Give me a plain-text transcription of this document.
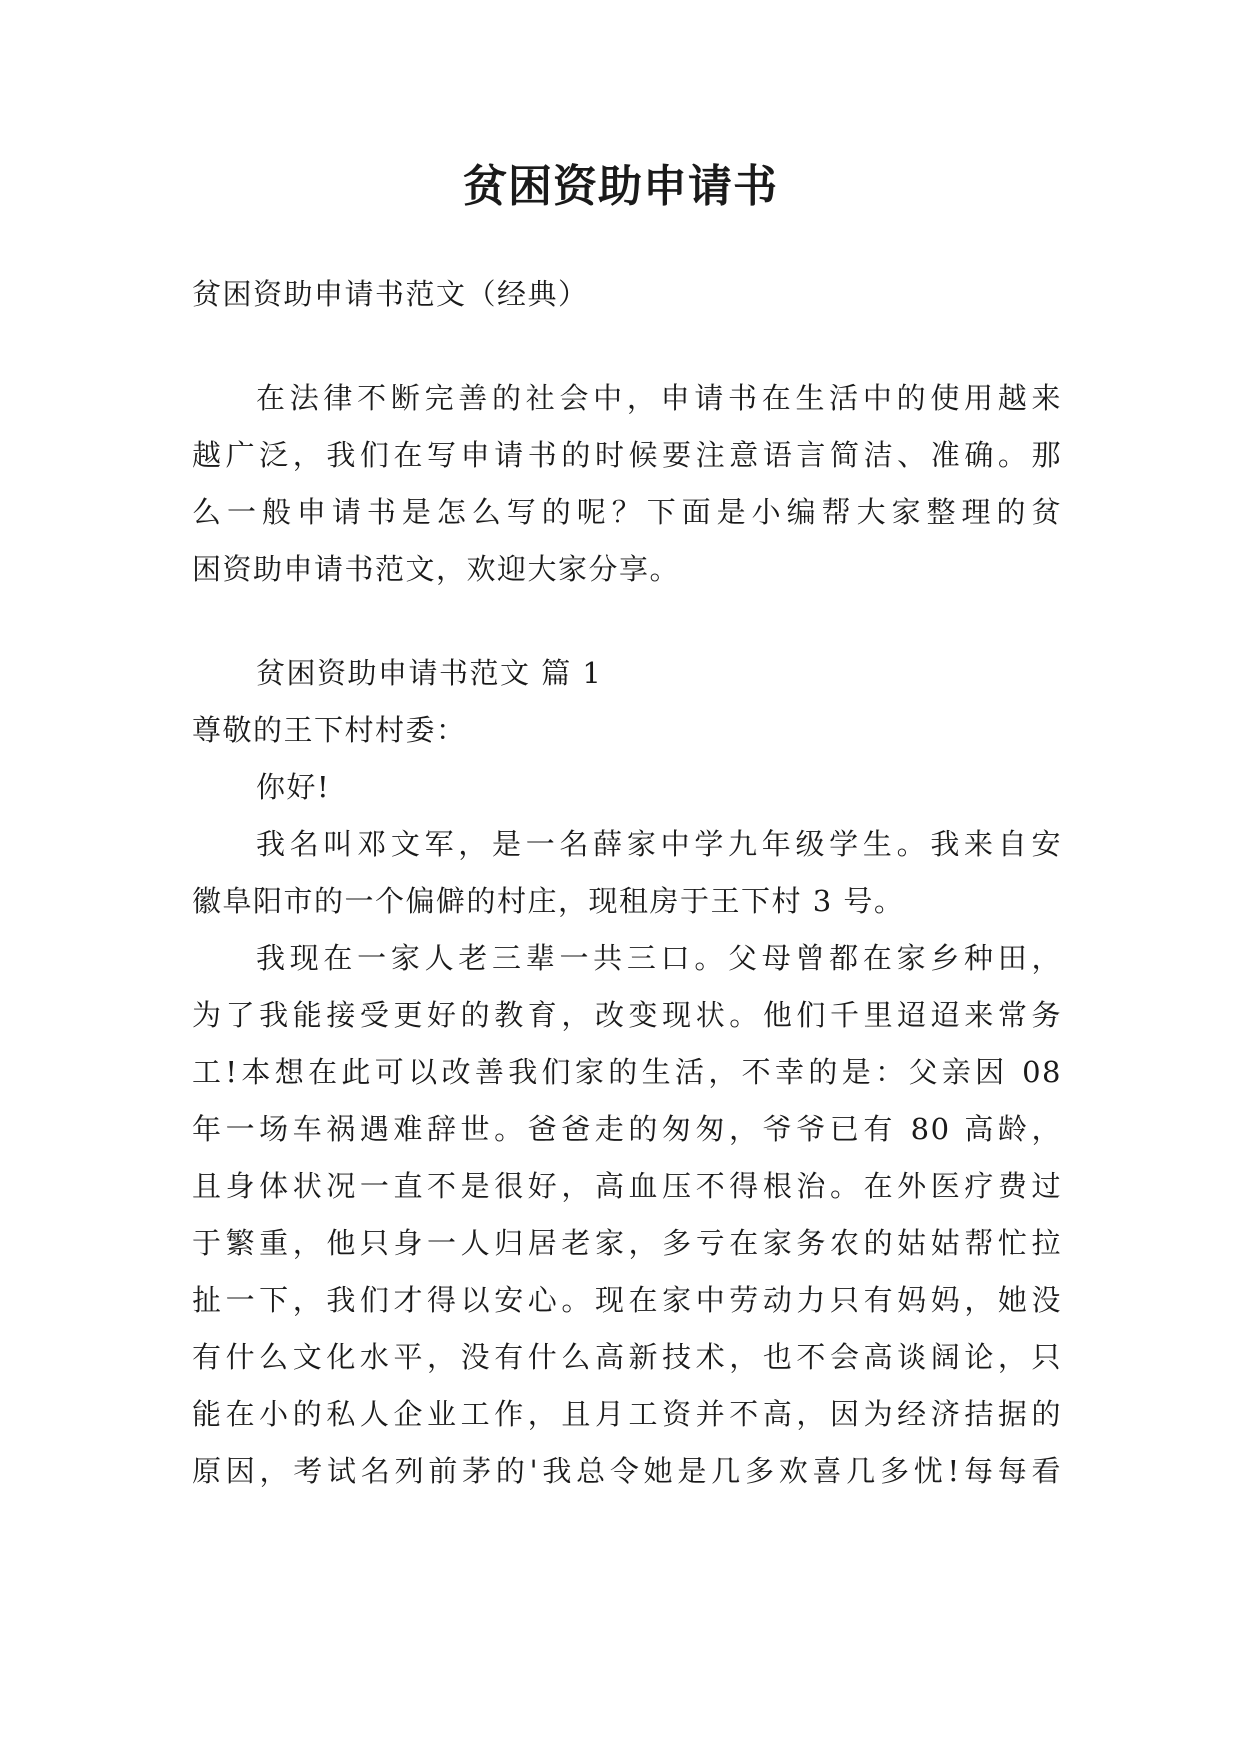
贫困资助申请书
贫困资助申请书范文（经典）
在法律不断完善的社会中，申请书在生活中的使用越来
越广泛，我们在写申请书的时候要注意语言简洁、准确。那
么一般申请书是怎么写的呢？下面是小编帮大家整理的贫
困资助申请书范文，欢迎大家分享。
贫困资助申请书范文 篇 1
尊敬的王下村村委：
你好!
我名叫邓文军，是一名薛家中学九年级学生。我来自安
徽阜阳市的一个偏僻的村庄，现租房于王下村 3 号。
我现在一家人老三辈一共三口。父母曾都在家乡种田，
为了我能接受更好的教育，改变现状。他们千里迢迢来常务
工!本想在此可以改善我们家的生活，不幸的是：父亲因 08
年一场车祸遇难辞世。爸爸走的匆匆，爷爷已有 80 高龄，
且身体状况一直不是很好，高血压不得根治。在外医疗费过
于繁重，他只身一人归居老家，多亏在家务农的姑姑帮忙拉
扯一下，我们才得以安心。现在家中劳动力只有妈妈，她没
有什么文化水平，没有什么高新技术，也不会高谈阔论，只
能在小的私人企业工作，且月工资并不高，因为经济拮据的
原因，考试名列前茅的'我总令她是几多欢喜几多忧!每每看
